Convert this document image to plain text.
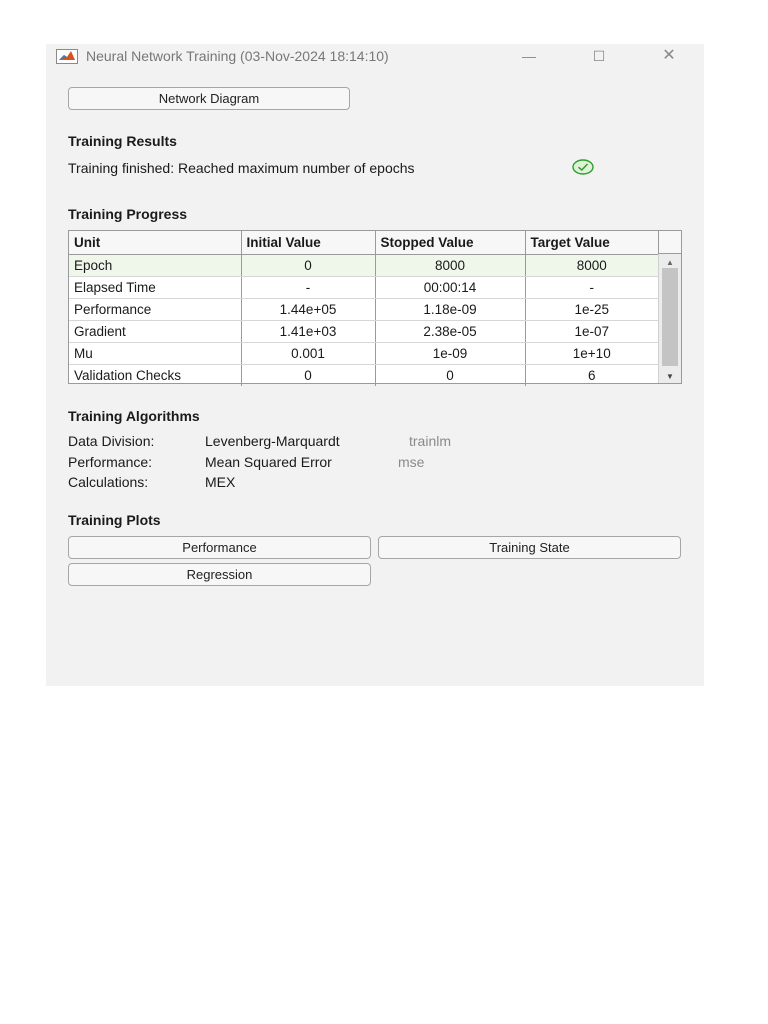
Neural Network Training (03-Nov-2024 18:14:10)	—	☐	✕
Network Diagram
Training Results
Training finished: Reached maximum number of epochs
Training Progress
Unit	Initial Value	Stopped Value	Target Value
Epoch	0	8000	8000
Elapsed Time	-	00:00:14	-
Performance	1.44e+05	1.18e-09	1e-25
Gradient	1.41e+03	2.38e-05	1e-07
Mu	0.001	1e-09	1e+10
Validation Checks	0	0	6
▲
▼
Training Algorithms
Data Division:	Levenberg-Marquardt	trainlm
Performance:	Mean Squared Error	mse
Calculations:	MEX
Training Plots
Performance	Training State
Regression
